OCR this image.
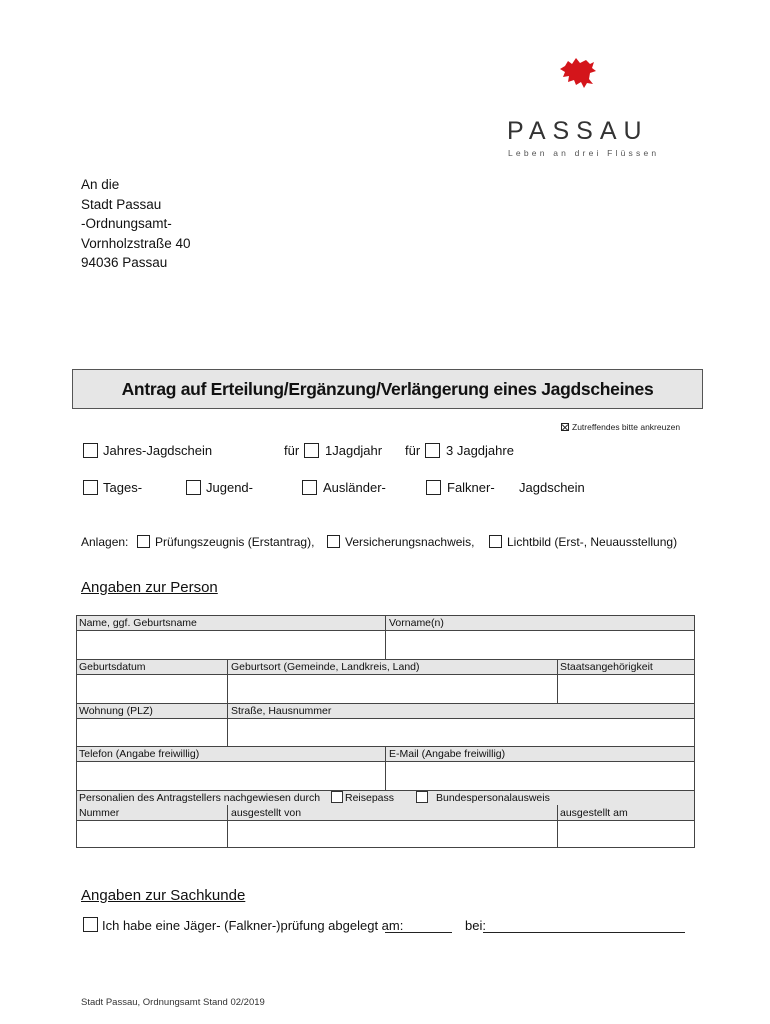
PASSAU
Leben an drei Flüssen
An die
Stadt Passau
-Ordnungsamt-
Vornholzstraße 40
94036 Passau
Antrag auf Erteilung/Ergänzung/Verlängerung eines Jagdscheines
Zutreffendes bitte ankreuzen
Jahres-Jagdschein	für 1Jagdjahr für 3 Jagdjahre
Tages-	Jugend-	Ausländer-	Falkner- Jagdschein
Anlagen: Prüfungszeugnis (Erstantrag),	Versicherungsnachweis,	Lichtbild (Erst-, Neuausstellung)
Angaben zur Person
Name, ggf. Geburtsname	Vorname(n)
Geburtsdatum	Geburtsort (Gemeinde, Landkreis, Land)	Staatsangehörigkeit
Wohnung (PLZ)	Straße, Hausnummer
Telefon (Angabe freiwillig)	E-Mail (Angabe freiwillig)
Personalien des Antragstellers nachgewiesen durch Reisepass	Bundespersonalausweis
Nummer	ausgestellt von	ausgestellt am
Angaben zur Sachkunde
Ich habe eine Jäger- (Falkner-)prüfung abgelegt am:	bei:
Stadt Passau, Ordnungsamt Stand 02/2019
